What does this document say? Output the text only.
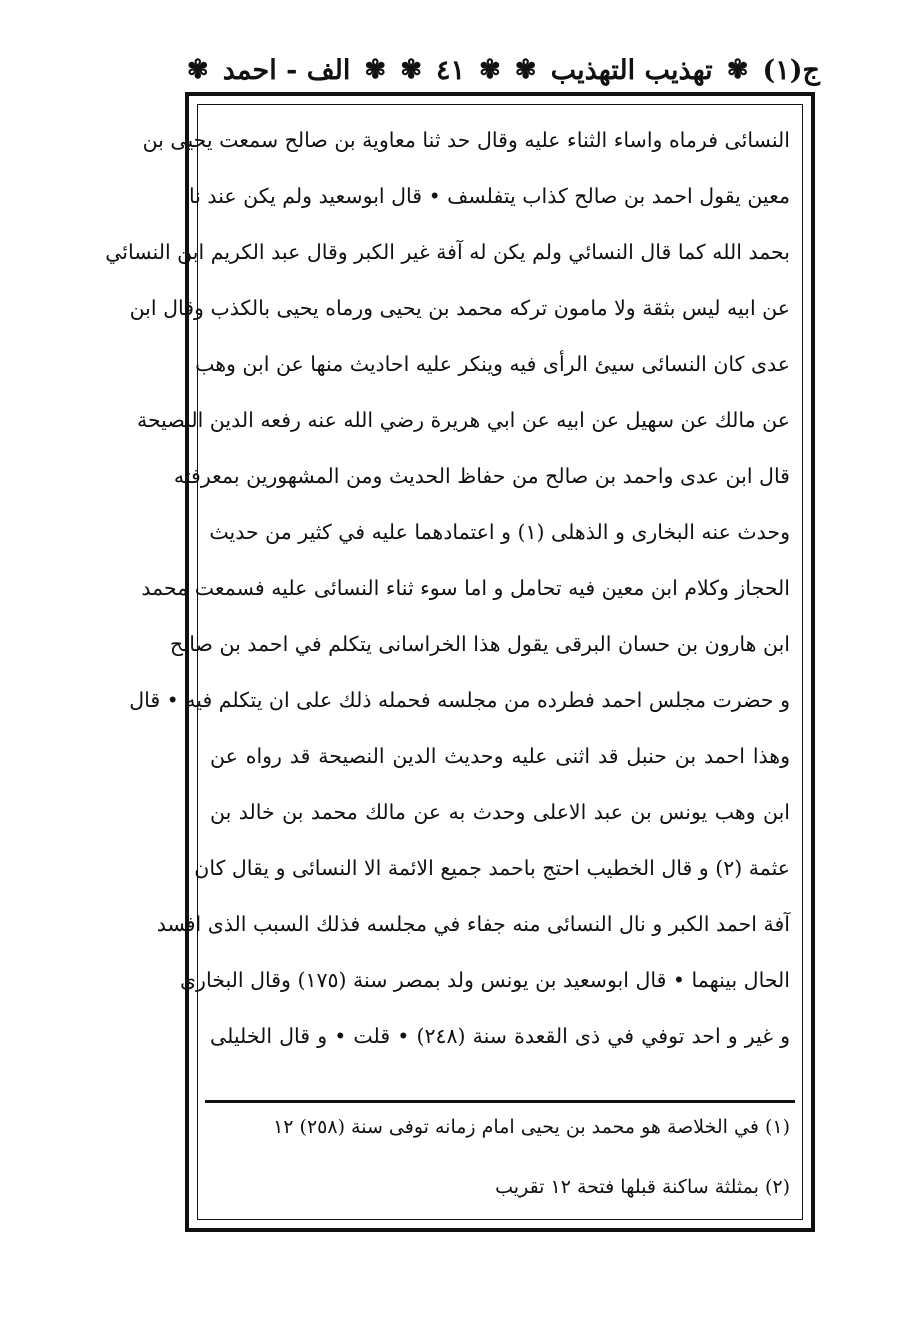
ج(١)
✾
تهذيب التهذيب
✾
✾
٤١
✾
✾
الف - احمد
✾
النسائى فرماه واساء الثناء عليه وقال حد ثنا معاوية بن صالح سمعت يحيى بن
معين يقول احمد بن صالح كذاب يتفلسف • قال ابوسعيد ولم يكن عند نا
بحمد الله كما قال النسائي ولم يكن له آفة غير الكبر وقال عبد الكريم ابن النسائي
عن ابيه ليس بثقة ولا مامون تركه محمد بن يحيى ورماه يحيى بالكذب وقال ابن
عدى كان النسائى سيئ الرأى فيه وينكر عليه احاديث منها عن ابن وهب
عن مالك عن سهيل عن ابيه عن ابي هريرة رضي الله عنه رفعه الدين النصيحة
قال ابن عدى واحمد بن صالح من حفاظ الحديث ومن المشهورين بمعرفته
وحدث عنه البخارى و الذهلى (١) و اعتمادهما عليه في كثير من حديث
الحجاز وكلام ابن معين فيه تحامل و اما سوء ثناء النسائى عليه فسمعت محمد
ابن هارون بن حسان البرقى يقول هذا الخراسانى يتكلم في احمد بن صالح
و حضرت مجلس احمد فطرده من مجلسه فحمله ذلك على ان يتكلم فيه • قال
وهذا احمد بن حنبل قد اثنى عليه وحديث الدين النصيحة قد رواه عن
ابن وهب يونس بن عبد الاعلى وحدث به عن مالك محمد بن خالد بن
عثمة (٢) و قال الخطيب احتج باحمد جميع الائمة الا النسائى و يقال كان
آفة احمد الكبر و نال النسائى منه جفاء في مجلسه فذلك السبب الذى افسد
الحال بينهما • قال ابوسعيد بن يونس ولد بمصر سنة (١٧٥) وقال البخارى
و غير و احد توفي في ذى القعدة سنة (٢٤٨) • قلت • و قال الخليلى
(١) في الخلاصة هو محمد بن يحيى امام زمانه توفى سنة (٢٥٨) ١٢
(٢) بمثلثة ساكنة قبلها فتحة ١٢ تقريب
